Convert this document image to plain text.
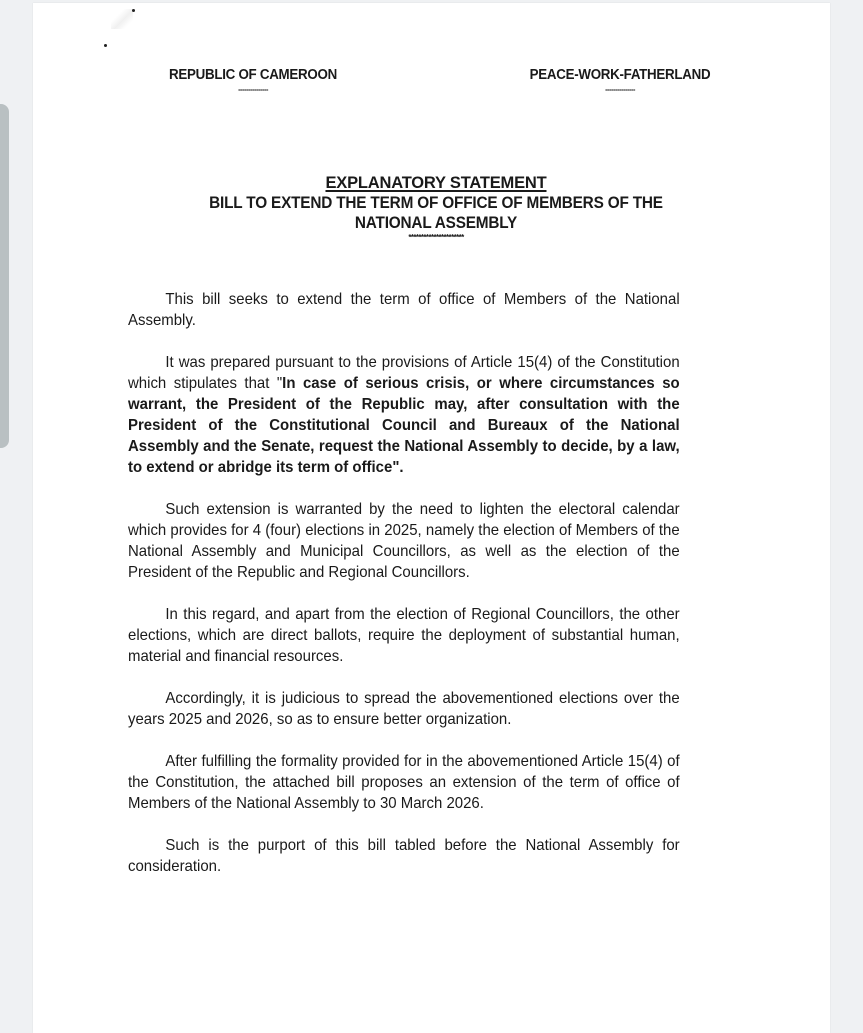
REPUBLIC OF CAMEROON
---------------
PEACE-WORK-FATHERLAND
---------------
EXPLANATORY STATEMENT
BILL TO EXTEND THE TERM OF OFFICE OF MEMBERS OF THE
NATIONAL ASSEMBLY
**********************

This bill seeks to extend the term of office of Members of the National Assembly.

It was prepared pursuant to the provisions of Article 15(4) of the Constitution which stipulates that "In case of serious crisis, or where circumstances so warrant, the President of the Republic may, after consultation with the President of the Constitutional Council and Bureaux of the National Assembly and the Senate, request the National Assembly to decide, by a law, to extend or abridge its term of office".

Such extension is warranted by the need to lighten the electoral calendar which provides for 4 (four) elections in 2025, namely the election of Members of the National Assembly and Municipal Councillors, as well as the election of the President of the Republic and Regional Councillors.

In this regard, and apart from the election of Regional Councillors, the other elections, which are direct ballots, require the deployment of substantial human, material and financial resources.

Accordingly, it is judicious to spread the abovementioned elections over the years 2025 and 2026, so as to ensure better organization.

After fulfilling the formality provided for in the abovementioned Article 15(4) of the Constitution, the attached bill proposes an extension of the term of office of Members of the National Assembly to 30 March 2026.

Such is the purport of this bill tabled before the National Assembly for consideration.
